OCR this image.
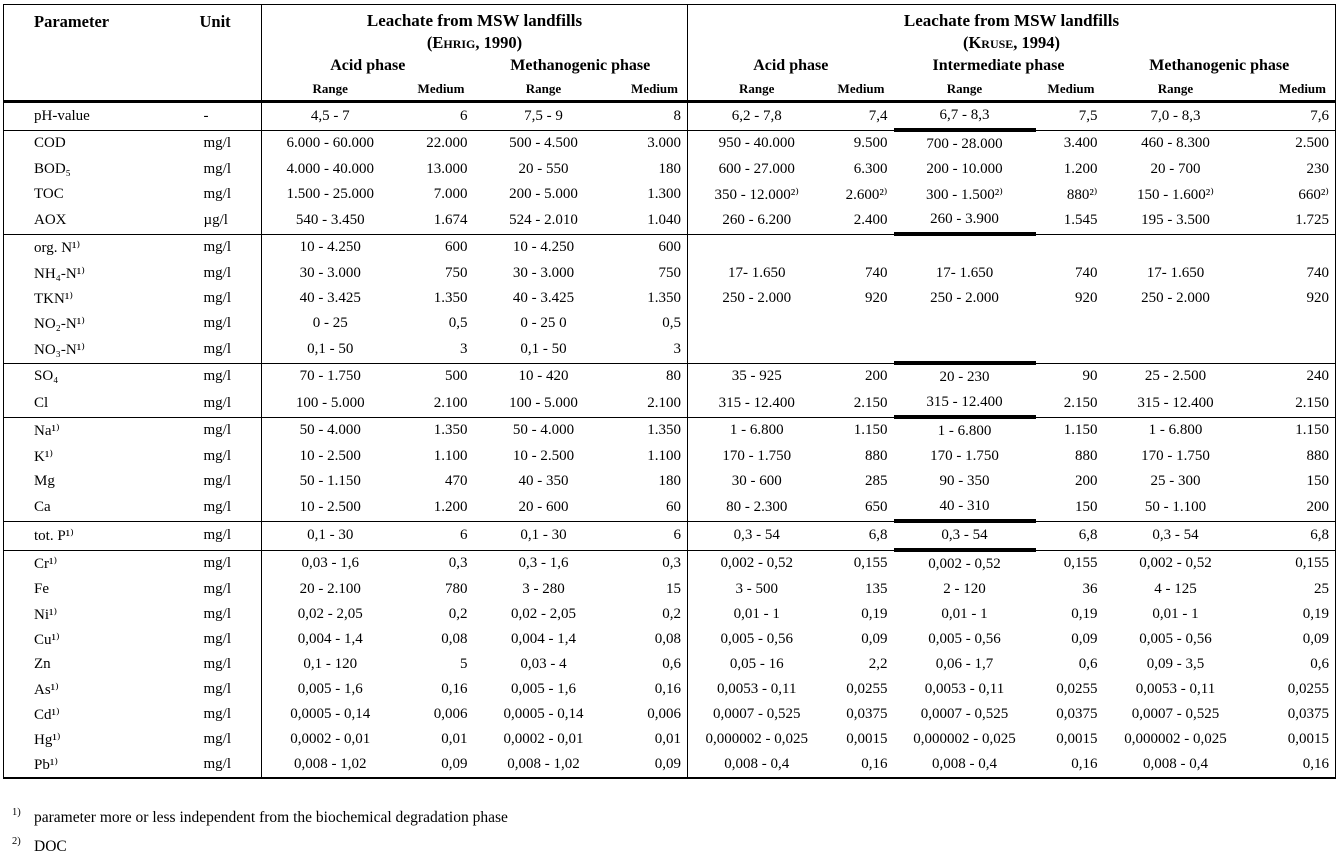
Parameter	Unit	Leachate from MSW landfills
(Ehrig, 1990)

Leachate from MSW landfills
(Kruse, 1994)

		Acid phase		Methanogenic phase		Acid phase		Intermediate phase		Methanogenic phase	
		Range	Medium	Range	Medium	Range	Medium	Range	Medium	Range	Medium
pH-value	-	4,5 - 7	6	7,5 - 9	8	6,2 - 7,8	7,4	6,7 - 8,3	7,5	7,0 - 8,3	7,6
COD	mg/l	6.000 - 60.000	22.000	500 - 4.500	3.000	950 - 40.000	9.500	700 - 28.000	3.400	460 - 8.300	2.500
BOD₅	mg/l	4.000 - 40.000	13.000	20 - 550	180	600 - 27.000	6.300	200 - 10.000	1.200	20 - 700	230
TOC	mg/l	1.500 - 25.000	7.000	200 - 5.000	1.300	350 - 12.000²⁾	2.600²⁾	300 - 1.500²⁾	880²⁾	150 - 1.600²⁾	660²⁾
AOX	µg/l	540 - 3.450	1.674	524 - 2.010	1.040	260 - 6.200	2.400	260 - 3.900	1.545	195 - 3.500	1.725
org. N¹⁾	mg/l	10 - 4.250	600	10 - 4.250	600						
NH₄-N¹⁾	mg/l	30 - 3.000	750	30 - 3.000	750	17- 1.650	740	17- 1.650	740	17- 1.650	740
TKN¹⁾	mg/l	40 - 3.425	1.350	40 - 3.425	1.350	250 - 2.000	920	250 - 2.000	920	250 - 2.000	920
NO₂-N¹⁾	mg/l	0 - 25	0,5	0 - 25 0	0,5						
NO₃-N¹⁾	mg/l	0,1 - 50	3	0,1 - 50	3						
SO₄	mg/l	70 - 1.750	500	10 - 420	80	35 - 925	200	20 - 230	90	25 - 2.500	240
Cl	mg/l	100 - 5.000	2.100	100 - 5.000	2.100	315 - 12.400	2.150	315 - 12.400	2.150	315 - 12.400	2.150
Na¹⁾	mg/l	50 - 4.000	1.350	50 - 4.000	1.350	1 - 6.800	1.150	1 - 6.800	1.150	1 - 6.800	1.150
K¹⁾	mg/l	10 - 2.500	1.100	10 - 2.500	1.100	170 - 1.750	880	170 - 1.750	880	170 - 1.750	880
Mg	mg/l	50 - 1.150	470	40 - 350	180	30 - 600	285	90 - 350	200	25 - 300	150
Ca	mg/l	10 - 2.500	1.200	20 - 600	60	80 - 2.300	650	40 - 310	150	50 - 1.100	200
tot. P¹⁾	mg/l	0,1 - 30	6	0,1 - 30	6	0,3 - 54	6,8	0,3 - 54	6,8	0,3 - 54	6,8
Cr¹⁾	mg/l	0,03 - 1,6	0,3	0,3 - 1,6	0,3	0,002 - 0,52	0,155	0,002 - 0,52	0,155	0,002 - 0,52	0,155
Fe	mg/l	20 - 2.100	780	3 - 280	15	3 - 500	135	2 - 120	36	4 - 125	25
Ni¹⁾	mg/l	0,02 - 2,05	0,2	0,02 - 2,05	0,2	0,01 - 1	0,19	0,01 - 1	0,19	0,01 - 1	0,19
Cu¹⁾	mg/l	0,004 - 1,4	0,08	0,004 - 1,4	0,08	0,005 - 0,56	0,09	0,005 - 0,56	0,09	0,005 - 0,56	0,09
Zn	mg/l	0,1 - 120	5	0,03 - 4	0,6	0,05 - 16	2,2	0,06 - 1,7	0,6	0,09 - 3,5	0,6
As¹⁾	mg/l	0,005 - 1,6	0,16	0,005 - 1,6	0,16	0,0053 - 0,11	0,0255	0,0053 - 0,11	0,0255	0,0053 - 0,11	0,0255
Cd¹⁾	mg/l	0,0005 - 0,14	0,006	0,0005 - 0,14	0,006	0,0007 - 0,525	0,0375	0,0007 - 0,525	0,0375	0,0007 - 0,525	0,0375
Hg¹⁾	mg/l	0,0002 - 0,01	0,01	0,0002 - 0,01	0,01	0,000002 - 0,025	0,0015	0,000002 - 0,025	0,0015	0,000002 - 0,025	0,0015
Pb¹⁾	mg/l	0,008 - 1,02	0,09	0,008 - 1,02	0,09	0,008 - 0,4	0,16	0,008 - 0,4	0,16	0,008 - 0,4	0,16
$^{1)}$ parameter more or less independent from the biochemical degradation phase
$^{2)}$ DOC
